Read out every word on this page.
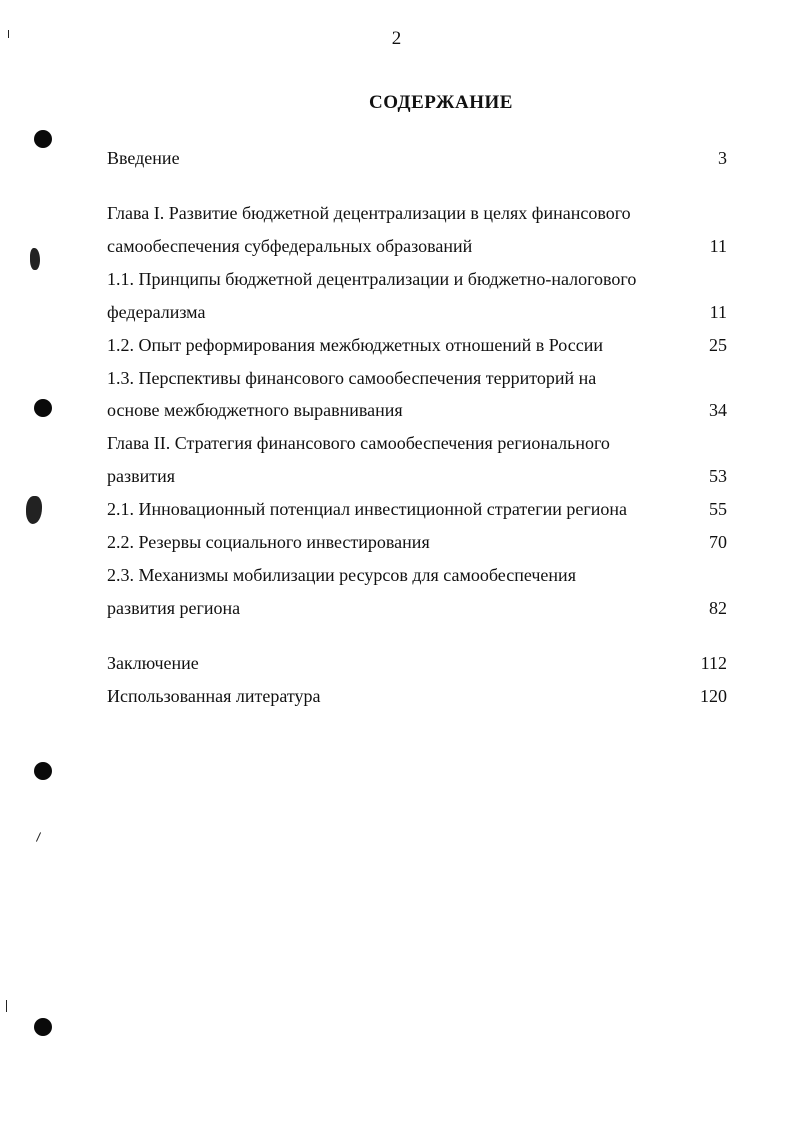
2
СОДЕРЖАНИЕ
Введение	3
Глава I. Развитие бюджетной децентрализации в целях финансового
самообеспечения субфедеральных образований	11
1.1. Принципы бюджетной децентрализации и бюджетно-налогового
федерализма	11
1.2. Опыт реформирования межбюджетных отношений в России	25
1.3. Перспективы финансового самообеспечения территорий на
основе межбюджетного выравнивания	34
Глава II. Стратегия финансового самообеспечения регионального
развития	53
2.1. Инновационный потенциал инвестиционной стратегии региона	55
2.2. Резервы социального инвестирования	70
2.3. Механизмы мобилизации ресурсов для самообеспечения
развития региона	82
Заключение	112
Использованная литература	120
